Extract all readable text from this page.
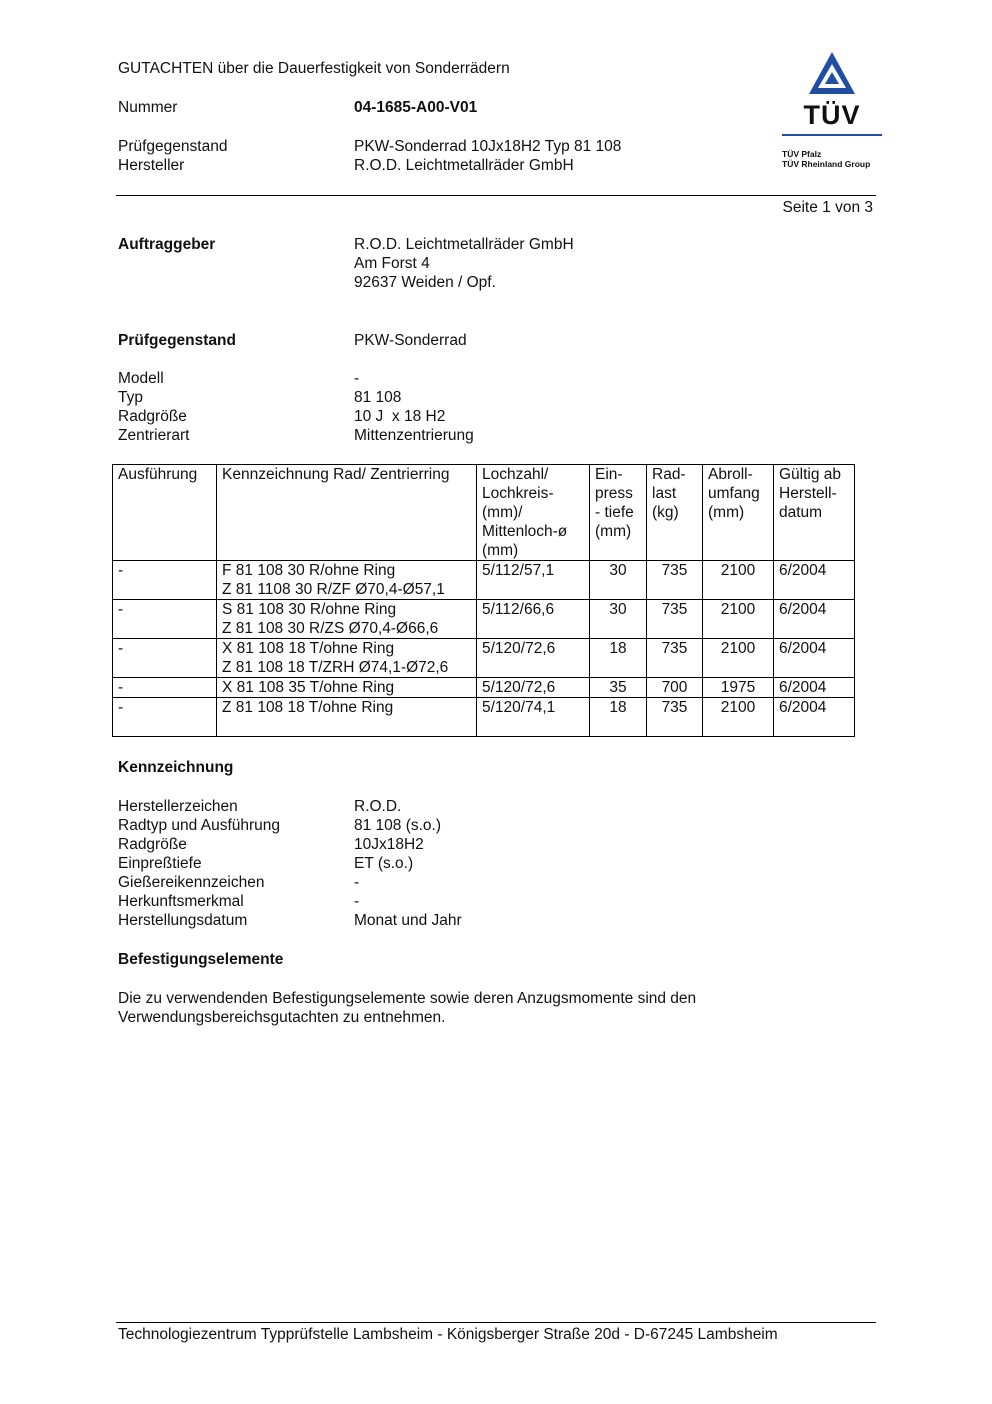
GUTACHTEN über die Dauerfestigkeit von Sonderrädern
Nummer	04-1685-A00-V01
Prüfgegenstand	PKW-Sonderrad 10Jx18H2 Typ 81 108
Hersteller	R.O.D. Leichtmetallräder GmbH
TÜV
TÜV Pfalz
TÜV Rheinland Group
Seite 1 von 3
Auftraggeber	R.O.D. Leichtmetallräder GmbH
Am Forst 4
92637 Weiden / Opf.
Prüfgegenstand	PKW-Sonderrad
Modell	-
Typ	81 108
Radgröße	10 J  x 18 H2
Zentrierart	Mittenzentrierung
Ausführung	Kennzeichnung Rad/ Zentrierring	Lochzahl/
Lochkreis-
(mm)/
Mittenloch-ø
(mm)	Ein-
press
- tiefe
(mm)	Rad-
last
(kg)	Abroll-
umfang
(mm)	Gültig ab
Herstell-
datum
-	F 81 108 30 R/ohne Ring
Z 81 1108 30 R/ZF Ø70,4-Ø57,1	5/112/57,1	30	735	2100	6/2004
-	S 81 108 30 R/ohne Ring
Z 81 108 30 R/ZS Ø70,4-Ø66,6	5/112/66,6	30	735	2100	6/2004
-	X 81 108 18 T/ohne Ring
Z 81 108 18 T/ZRH Ø74,1-Ø72,6	5/120/72,6	18	735	2100	6/2004
-	X 81 108 35 T/ohne Ring	5/120/72,6	35	700	1975	6/2004
-	Z 81 108 18 T/ohne Ring	5/120/74,1	18	735	2100	6/2004
Kennzeichnung
Herstellerzeichen	R.O.D.
Radtyp und Ausführung	81 108 (s.o.)
Radgröße	10Jx18H2
Einpreßtiefe	ET (s.o.)
Gießereikennzeichen	-
Herkunftsmerkmal	-
Herstellungsdatum	Monat und Jahr
Befestigungselemente
Die zu verwendenden Befestigungselemente sowie deren Anzugsmomente sind den
Verwendungsbereichsgutachten zu entnehmen.
Technologiezentrum Typprüfstelle Lambsheim - Königsberger Straße 20d - D-67245 Lambsheim
